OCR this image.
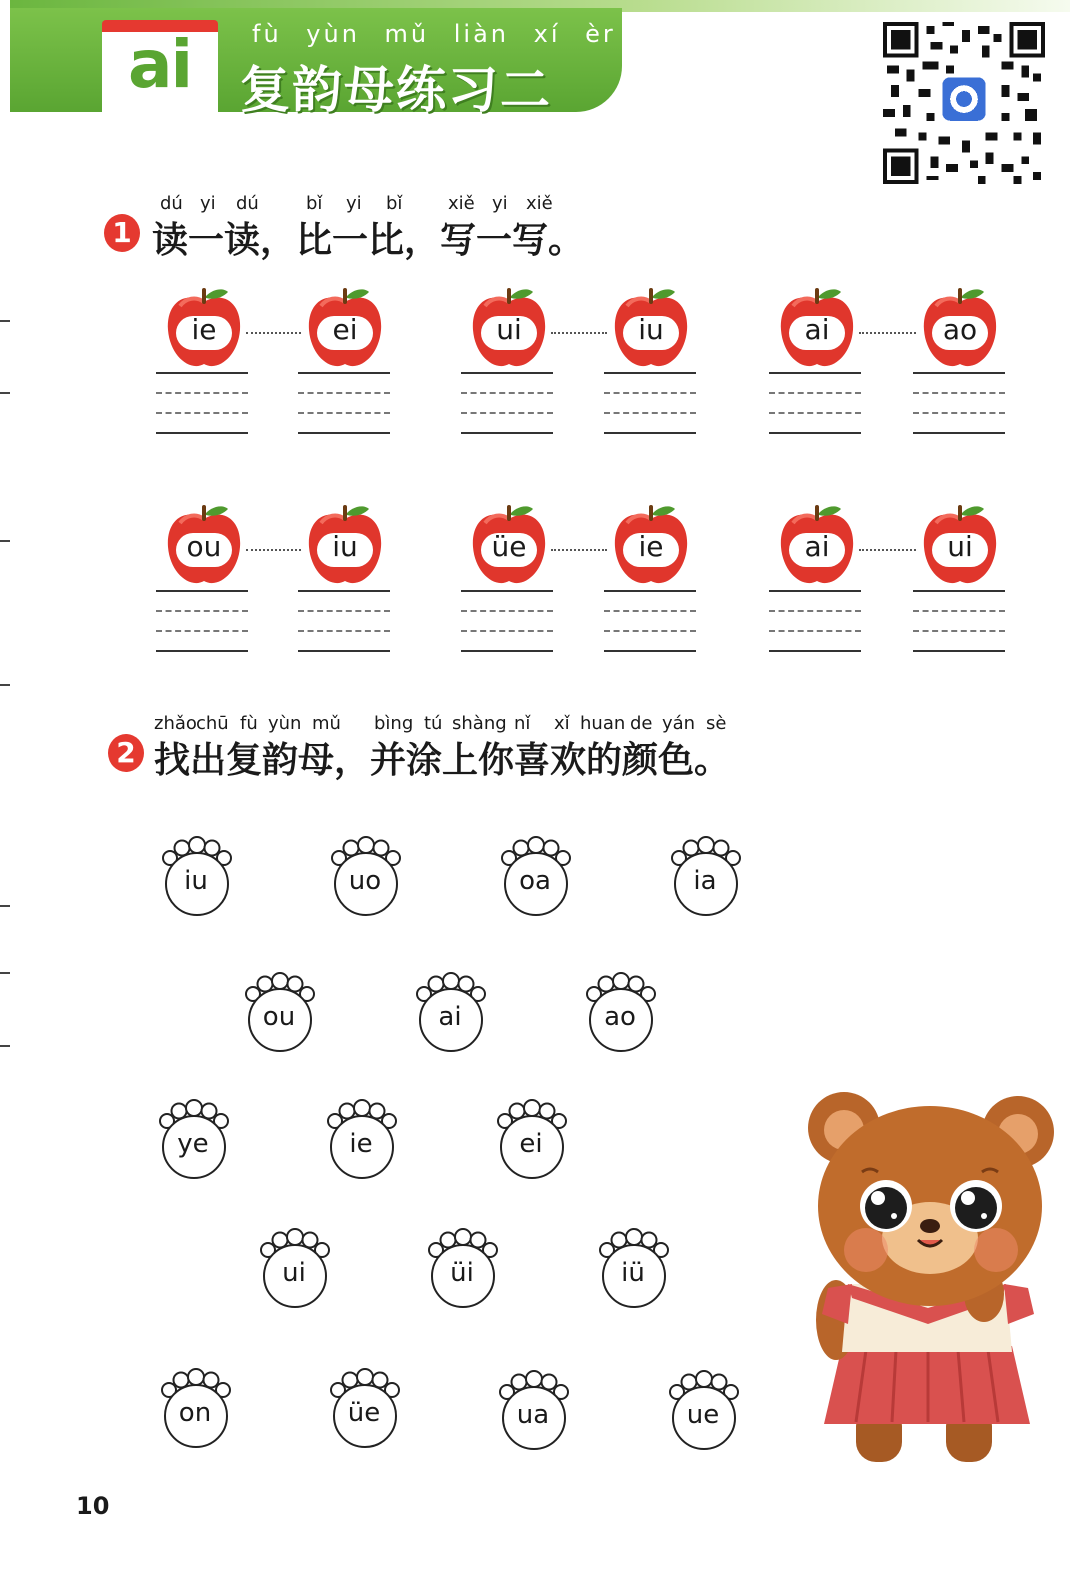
ai	fù yùn mǔ liàn xí èr
复韵母练习二
1
dú yi dú	bǐ yi bǐ	xiě yi xiě
读一读，比一比，写一写。
ie	ei	ui	iu	ai	ao
ou	iu	üe	ie	ai	ui
2
zhǎo chū fù yùn mǔ bìng tú shàng nǐ xǐ huan de yán sè
找出复韵母，并涂上你喜欢的颜色。
iu	uo	oa	ia
ou	ai	ao
ye	ie	ei
ui	üi	iü
on	üe	ua	ue
10
